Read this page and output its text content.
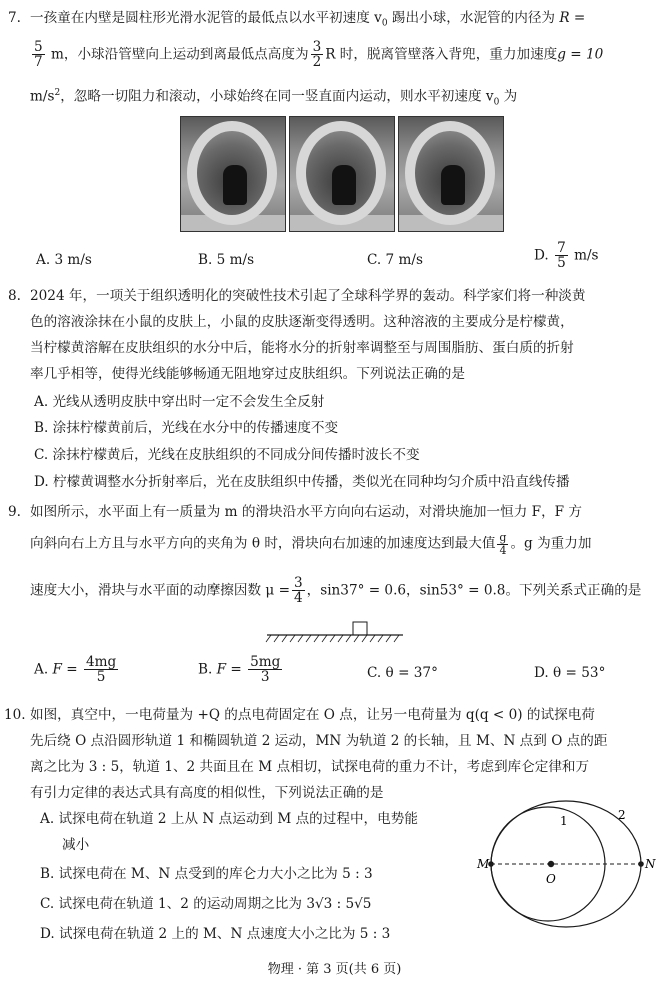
7. 一孩童在内壁是圆柱形光滑水泥管的最低点以水平初速度 $v_0$ 踢出小球，水泥管的内径为 R =
$\frac{5}{7}$ m，小球沿管壁向上运动到离最低点高度为 $\frac{3}{2}$ R 时，脱离管壁落入背兜，重力加速度g = 10
$m/s^2$，忽略一切阻力和滚动，小球始终在同一竖直面内运动，则水平初速度 $v_0$ 为
A. 3 m/s	B. 5 m/s	C. 7 m/s	D. $\frac{7}{5} m/s$
8. 2024 年，一项关于组织透明化的突破性技术引起了全球科学界的轰动。科学家们将一种淡黄
色的溶液涂抹在小鼠的皮肤上，小鼠的皮肤逐渐变得透明。这种溶液的主要成分是柠檬黄，
当柠檬黄溶解在皮肤组织的水分中后，能将水分的折射率调整至与周围脂肪、蛋白质的折射
率几乎相等，使得光线能够畅通无阻地穿过皮肤组织。下列说法正确的是
A. 光线从透明皮肤中穿出时一定不会发生全反射
B. 涂抹柠檬黄前后，光线在水分中的传播速度不变
C. 涂抹柠檬黄后，光线在皮肤组织的不同成分间传播时波长不变
D. 柠檬黄调整水分折射率后，光在皮肤组织中传播，类似光在同种均匀介质中沿直线传播
9. 如图所示，水平面上有一质量为 m 的滑块沿水平方向向右运动，对滑块施加一恒力 F，F 方
向斜向右上方且与水平方向的夹角为 θ 时，滑块向右加速的加速度达到最大值 $\frac{g}{4}$ 。g 为重力加
速度大小，滑块与水平面的动摩擦因数 $\mu = \frac{3}{4}$ ，sin37° = 0.6，sin53° = 0.8。下列关系式正确的是
A. $F = \frac{4mg}{5}$	B. $F = \frac{5mg}{3}$	C. θ = 37°	D. θ = 53°
10. 如图，真空中，一电荷量为 +Q 的点电荷固定在 O 点，让另一电荷量为 q(q < 0) 的试探电荷
先后绕 O 点沿圆形轨道 1 和椭圆轨道 2 运动，MN 为轨道 2 的长轴，且 M、N 点到 O 点的距
离之比为 3 : 5，轨道 1、2 共面且在 M 点相切，试探电荷的重力不计，考虑到库仑定律和万
有引力定律的表达式具有高度的相似性，下列说法正确的是
A. 试探电荷在轨道 2 上从 N 点运动到 M 点的过程中，电势能
减小
B. 试探电荷在 M、N 点受到的库仑力大小之比为 5 : 3
C. 试探电荷在轨道 1、2 的运动周期之比为 3√3 : 5√5
D. 试探电荷在轨道 2 上的 M、N 点速度大小之比为 5 : 3
1	2
M
O
N
物理 · 第 3 页(共 6 页)
